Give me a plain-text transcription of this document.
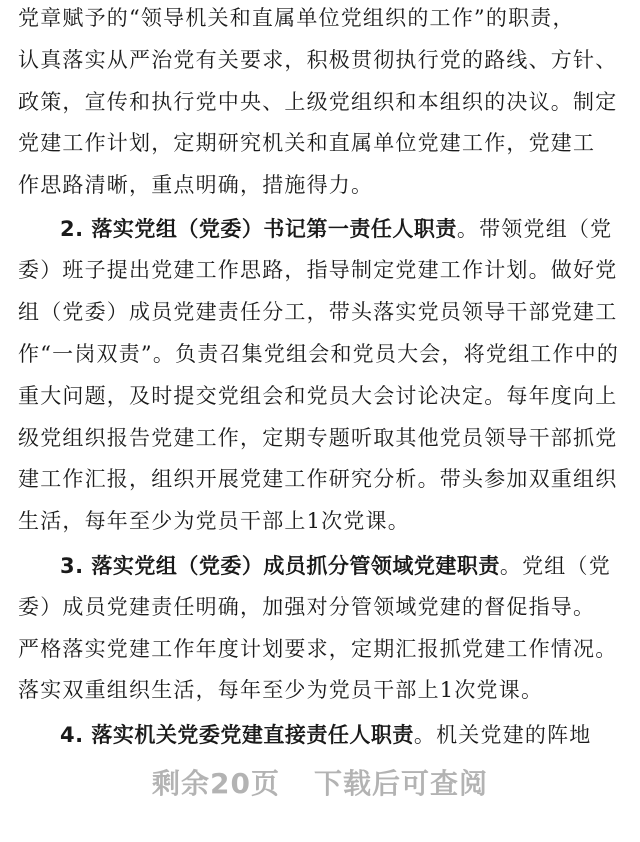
党章赋予的“领导机关和直属单位党组织的工作”的职责，
认真落实从严治党有关要求，积极贯彻执行党的路线、方针、
政策，宣传和执行党中央、上级党组织和本组织的决议。制定
党建工作计划，定期研究机关和直属单位党建工作，党建工
作思路清晰，重点明确，措施得力。
2. 落实党组（党委）书记第一责任人职责。带领党组（党
委）班子提出党建工作思路，指导制定党建工作计划。做好党
组（党委）成员党建责任分工，带头落实党员领导干部党建工
作“一岗双责”。负责召集党组会和党员大会，将党组工作中的
重大问题，及时提交党组会和党员大会讨论决定。每年度向上
级党组织报告党建工作，定期专题听取其他党员领导干部抓党
建工作汇报，组织开展党建工作研究分析。带头参加双重组织
生活，每年至少为党员干部上1次党课。
3. 落实党组（党委）成员抓分管领域党建职责。党组（党
委）成员党建责任明确，加强对分管领域党建的督促指导。
严格落实党建工作年度计划要求，定期汇报抓党建工作情况。
落实双重组织生活，每年至少为党员干部上1次党课。
4. 落实机关党委党建直接责任人职责。机关党建的阵地
剩余20页 下载后可查阅
